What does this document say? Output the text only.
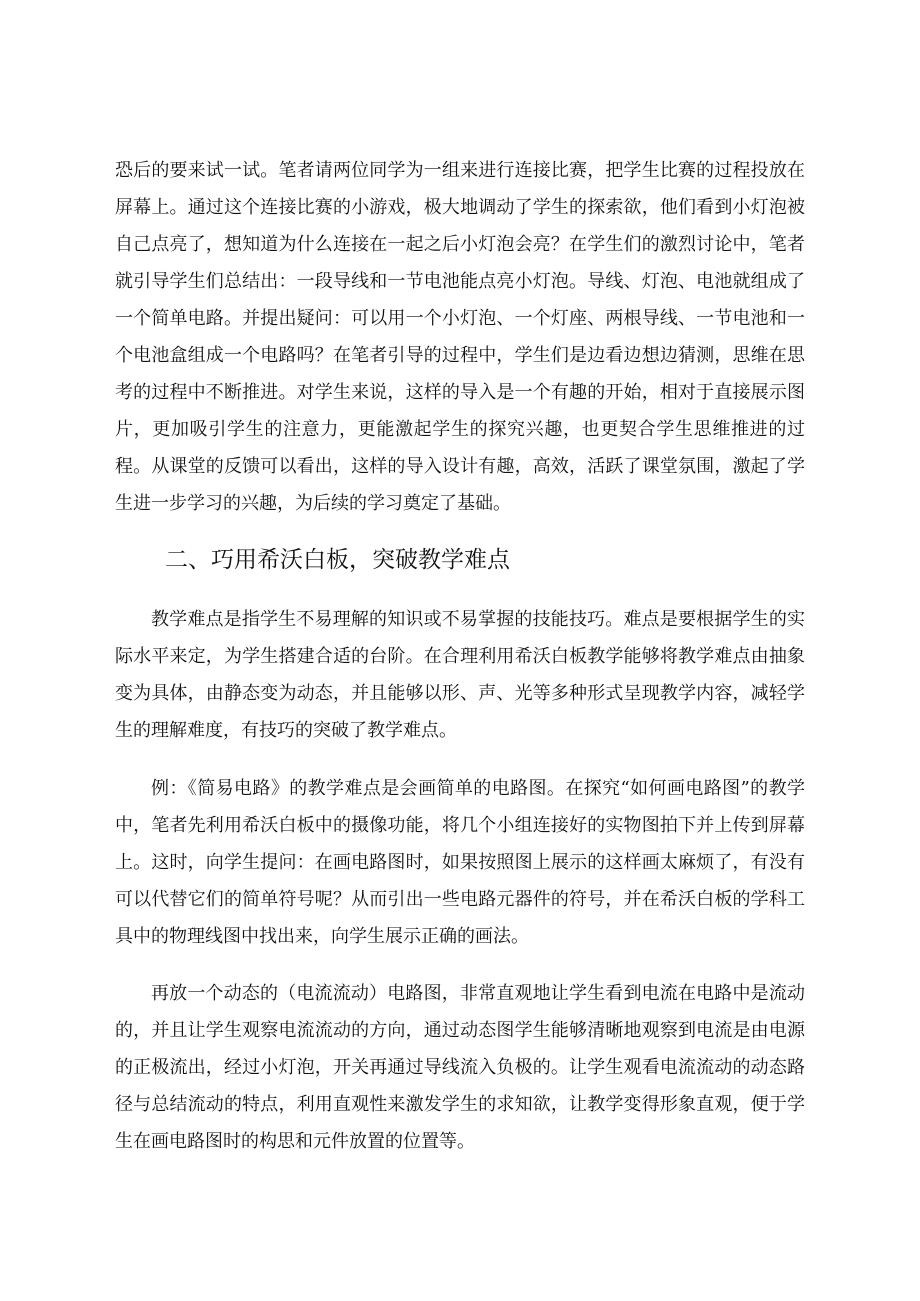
恐后的要来试一试。笔者请两位同学为一组来进行连接比赛，把学生比赛的过程投放在屏幕上。通过这个连接比赛的小游戏，极大地调动了学生的探索欲，他们看到小灯泡被自己点亮了，想知道为什么连接在一起之后小灯泡会亮？在学生们的激烈讨论中，笔者就引导学生们总结出：一段导线和一节电池能点亮小灯泡。导线、灯泡、电池就组成了一个简单电路。并提出疑问：可以用一个小灯泡、一个灯座、两根导线、一节电池和一个电池盒组成一个电路吗？在笔者引导的过程中，学生们是边看边想边猜测，思维在思考的过程中不断推进。对学生来说，这样的导入是一个有趣的开始，相对于直接展示图片，更加吸引学生的注意力，更能激起学生的探究兴趣，也更契合学生思维推进的过程。从课堂的反馈可以看出，这样的导入设计有趣，高效，活跃了课堂氛围，激起了学生进一步学习的兴趣，为后续的学习奠定了基础。

二、巧用希沃白板，突破教学难点

教学难点是指学生不易理解的知识或不易掌握的技能技巧。难点是要根据学生的实际水平来定，为学生搭建合适的台阶。在合理利用希沃白板教学能够将教学难点由抽象变为具体，由静态变为动态，并且能够以形、声、光等多种形式呈现教学内容，减轻学生的理解难度，有技巧的突破了教学难点。

例：《简易电路》的教学难点是会画简单的电路图。在探究“如何画电路图”的教学中，笔者先利用希沃白板中的摄像功能，将几个小组连接好的实物图拍下并上传到屏幕上。这时，向学生提问：在画电路图时，如果按照图上展示的这样画太麻烦了，有没有可以代替它们的简单符号呢？从而引出一些电路元器件的符号，并在希沃白板的学科工具中的物理线图中找出来，向学生展示正确的画法。

再放一个动态的（电流流动）电路图，非常直观地让学生看到电流在电路中是流动的，并且让学生观察电流流动的方向，通过动态图学生能够清晰地观察到电流是由电源的正极流出，经过小灯泡，开关再通过导线流入负极的。让学生观看电流流动的动态路径与总结流动的特点，利用直观性来激发学生的求知欲，让教学变得形象直观，便于学生在画电路图时的构思和元件放置的位置等。
